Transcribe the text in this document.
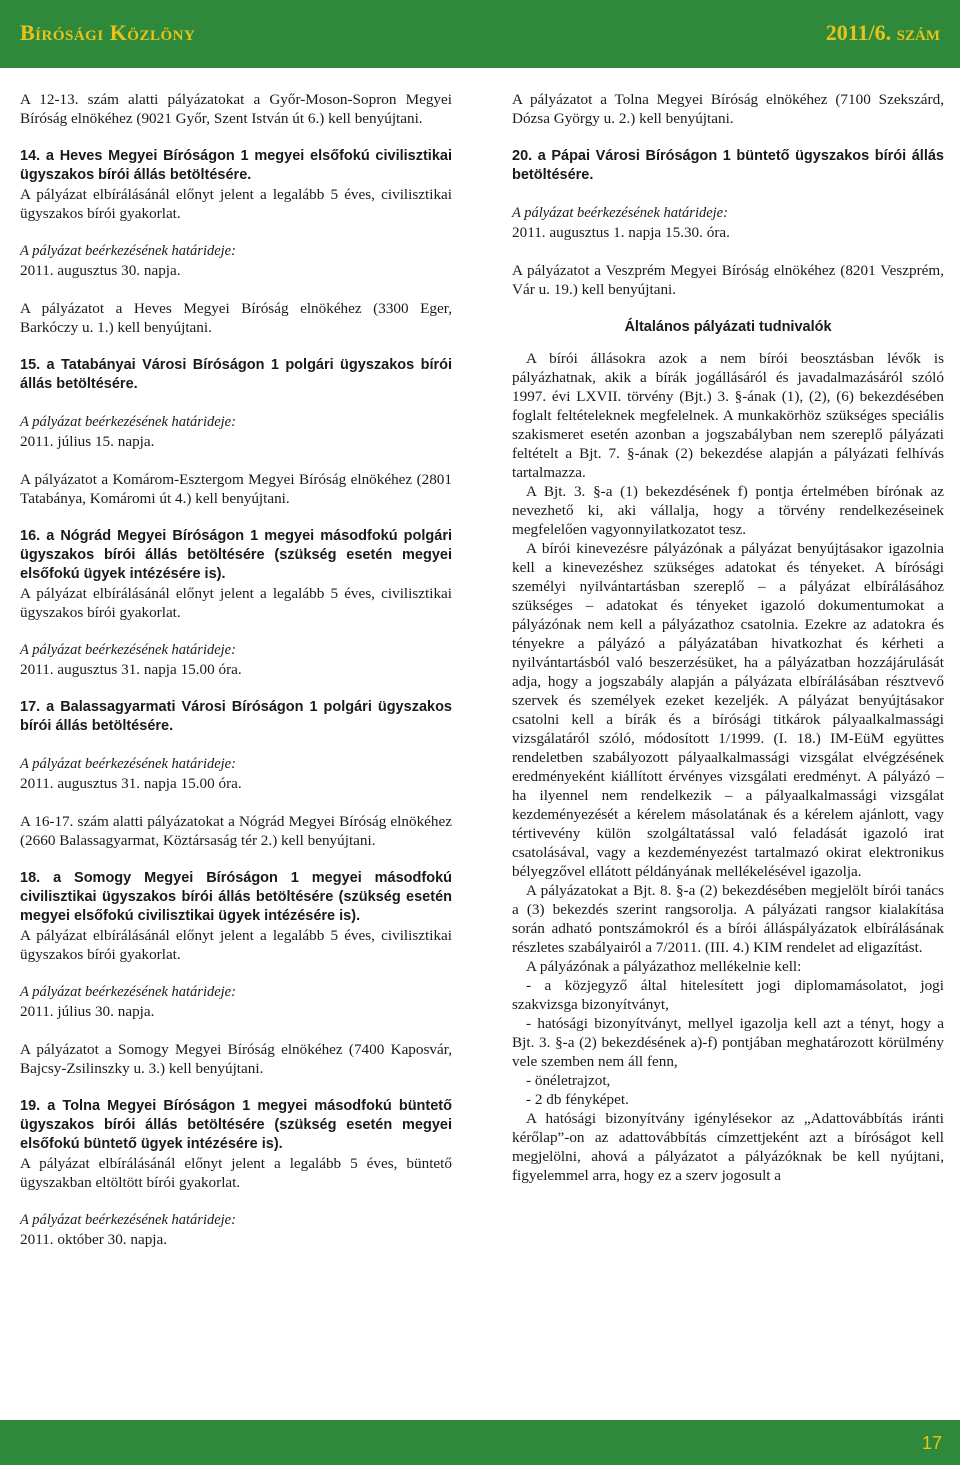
Bírósági Közlöny	2011/6. szám

A 12-13. szám alatti pályázatokat a Győr-Moson-Sopron Megyei Bíróság elnökéhez (9021 Győr, Szent István út 6.) kell benyújtani.

14. a Heves Megyei Bíróságon 1 megyei elsőfokú civilisztikai ügyszakos bírói állás betöltésére.

A pályázat elbírálásánál előnyt jelent a legalább 5 éves, civilisztikai ügyszakos bírói gyakorlat.

A pályázat beérkezésének határideje:

2011. augusztus 30. napja.

A pályázatot a Heves Megyei Bíróság elnökéhez (3300 Eger, Barkóczy u. 1.) kell benyújtani.

15. a Tatabányai Városi Bíróságon 1 polgári ügyszakos bírói állás betöltésére.

A pályázat beérkezésének határideje:

2011. július 15. napja.

A pályázatot a Komárom-Esztergom Megyei Bíróság elnökéhez (2801 Tatabánya, Komáromi út 4.) kell benyújtani.

16. a Nógrád Megyei Bíróságon 1 megyei másodfokú polgári ügyszakos bírói állás betöltésére (szükség esetén megyei elsőfokú ügyek intézésére is).

A pályázat elbírálásánál előnyt jelent a legalább 5 éves, civilisztikai ügyszakos bírói gyakorlat.

A pályázat beérkezésének határideje:

2011. augusztus 31. napja 15.00 óra.

17. a Balassagyarmati Városi Bíróságon 1 polgári ügyszakos bírói állás betöltésére.

A pályázat beérkezésének határideje:

2011. augusztus 31. napja 15.00 óra.

A 16-17. szám alatti pályázatokat a Nógrád Megyei Bíróság elnökéhez (2660 Balassagyarmat, Köztársaság tér 2.) kell benyújtani.

18. a Somogy Megyei Bíróságon 1 megyei másodfokú civilisztikai ügyszakos bírói állás betöltésére (szükség esetén megyei elsőfokú civilisztikai ügyek intézésére is).

A pályázat elbírálásánál előnyt jelent a legalább 5 éves, civilisztikai ügyszakos bírói gyakorlat.

A pályázat beérkezésének határideje:

2011. július 30. napja.

A pályázatot a Somogy Megyei Bíróság elnökéhez (7400 Kaposvár, Bajcsy-Zsilinszky u. 3.) kell benyújtani.

19. a Tolna Megyei Bíróságon 1 megyei másodfokú büntető ügyszakos bírói állás betöltésére (szükség esetén megyei elsőfokú büntető ügyek intézésére is).

A pályázat elbírálásánál előnyt jelent a legalább 5 éves, büntető ügyszakban eltöltött bírói gyakorlat.

A pályázat beérkezésének határideje:

2011. október 30. napja.

A pályázatot a Tolna Megyei Bíróság elnökéhez (7100 Szekszárd, Dózsa György u. 2.) kell benyújtani.

20. a Pápai Városi Bíróságon 1 büntető ügyszakos bírói állás betöltésére.

A pályázat beérkezésének határideje:

2011. augusztus 1. napja 15.30. óra.

A pályázatot a Veszprém Megyei Bíróság elnökéhez (8201 Veszprém, Vár u. 19.) kell benyújtani.

Általános pályázati tudnivalók

A bírói állásokra azok a nem bírói beosztásban lévők is pályázhatnak, akik a bírák jogállásáról és javadalmazásáról szóló 1997. évi LXVII. törvény (Bjt.) 3. §-ának (1), (2), (6) bekezdésében foglalt feltételeknek megfelelnek. A munkakörhöz szükséges speciális szakismeret esetén azonban a jogszabályban nem szereplő pályázati feltételt a Bjt. 7. §-ának (2) bekezdése alapján a pályázati felhívás tartalmazza.

A Bjt. 3. §-a (1) bekezdésének f) pontja értelmében bírónak az nevezhető ki, aki vállalja, hogy a törvény rendelkezéseinek megfelelően vagyonnyilatkozatot tesz.

A bírói kinevezésre pályázónak a pályázat benyújtásakor igazolnia kell a kinevezéshez szükséges adatokat és tényeket. A bírósági személyi nyilvántartásban szereplő – a pályázat elbírálásához szükséges – adatokat és tényeket igazoló dokumentumokat a pályázónak nem kell a pályázathoz csatolnia. Ezekre az adatokra és tényekre a pályázó a pályázatában hivatkozhat és kérheti a nyilvántartásból való beszerzésüket, ha a pályázatban hozzájárulását adja, hogy a jogszabály alapján a pályázata elbírálásában résztvevő szervek és személyek ezeket kezeljék. A pályázat benyújtásakor csatolni kell a bírák és a bírósági titkárok pályaalkalmassági vizsgálatáról szóló, módosított 1/1999. (I. 18.) IM-EüM együttes rendeletben szabályozott pályaalkalmassági vizsgálat elvégzésének eredményeként kiállított érvényes vizsgálati eredményt. A pályázó – ha ilyennel nem rendelkezik – a pályaalkalmassági vizsgálat kezdeményezését a kérelem másolatának és a kérelem ajánlott, vagy tértivevény külön szolgáltatással való feladását igazoló irat csatolásával, vagy a kezdeményezést tartalmazó okirat elektronikus bélyegzővel ellátott példányának mellékelésével igazolja.

A pályázatokat a Bjt. 8. §-a (2) bekezdésében megjelölt bírói tanács a (3) bekezdés szerint rangsorolja. A pályázati rangsor kialakítása során adható pontszámokról és a bírói álláspályázatok elbírálásának részletes szabályairól a 7/2011. (III. 4.) KIM rendelet ad eligazítást.

A pályázónak a pályázathoz mellékelnie kell:

- a közjegyző által hitelesített jogi diplomamásolatot, jogi szakvizsga bizonyítványt,

- hatósági bizonyítványt, mellyel igazolja kell azt a tényt, hogy a Bjt. 3. §-a (2) bekezdésének a)-f) pontjában meghatározott körülmény vele szemben nem áll fenn,

- önéletrajzot,

- 2 db fényképet.

A hatósági bizonyítvány igénylésekor az „Adattovábbítás iránti kérőlap”-on az adattovábbítás címzettjeként azt a bíróságot kell megjelölni, ahová a pályázatot a pályázóknak be kell nyújtani, figyelemmel arra, hogy ez a szerv jogosult a

17
